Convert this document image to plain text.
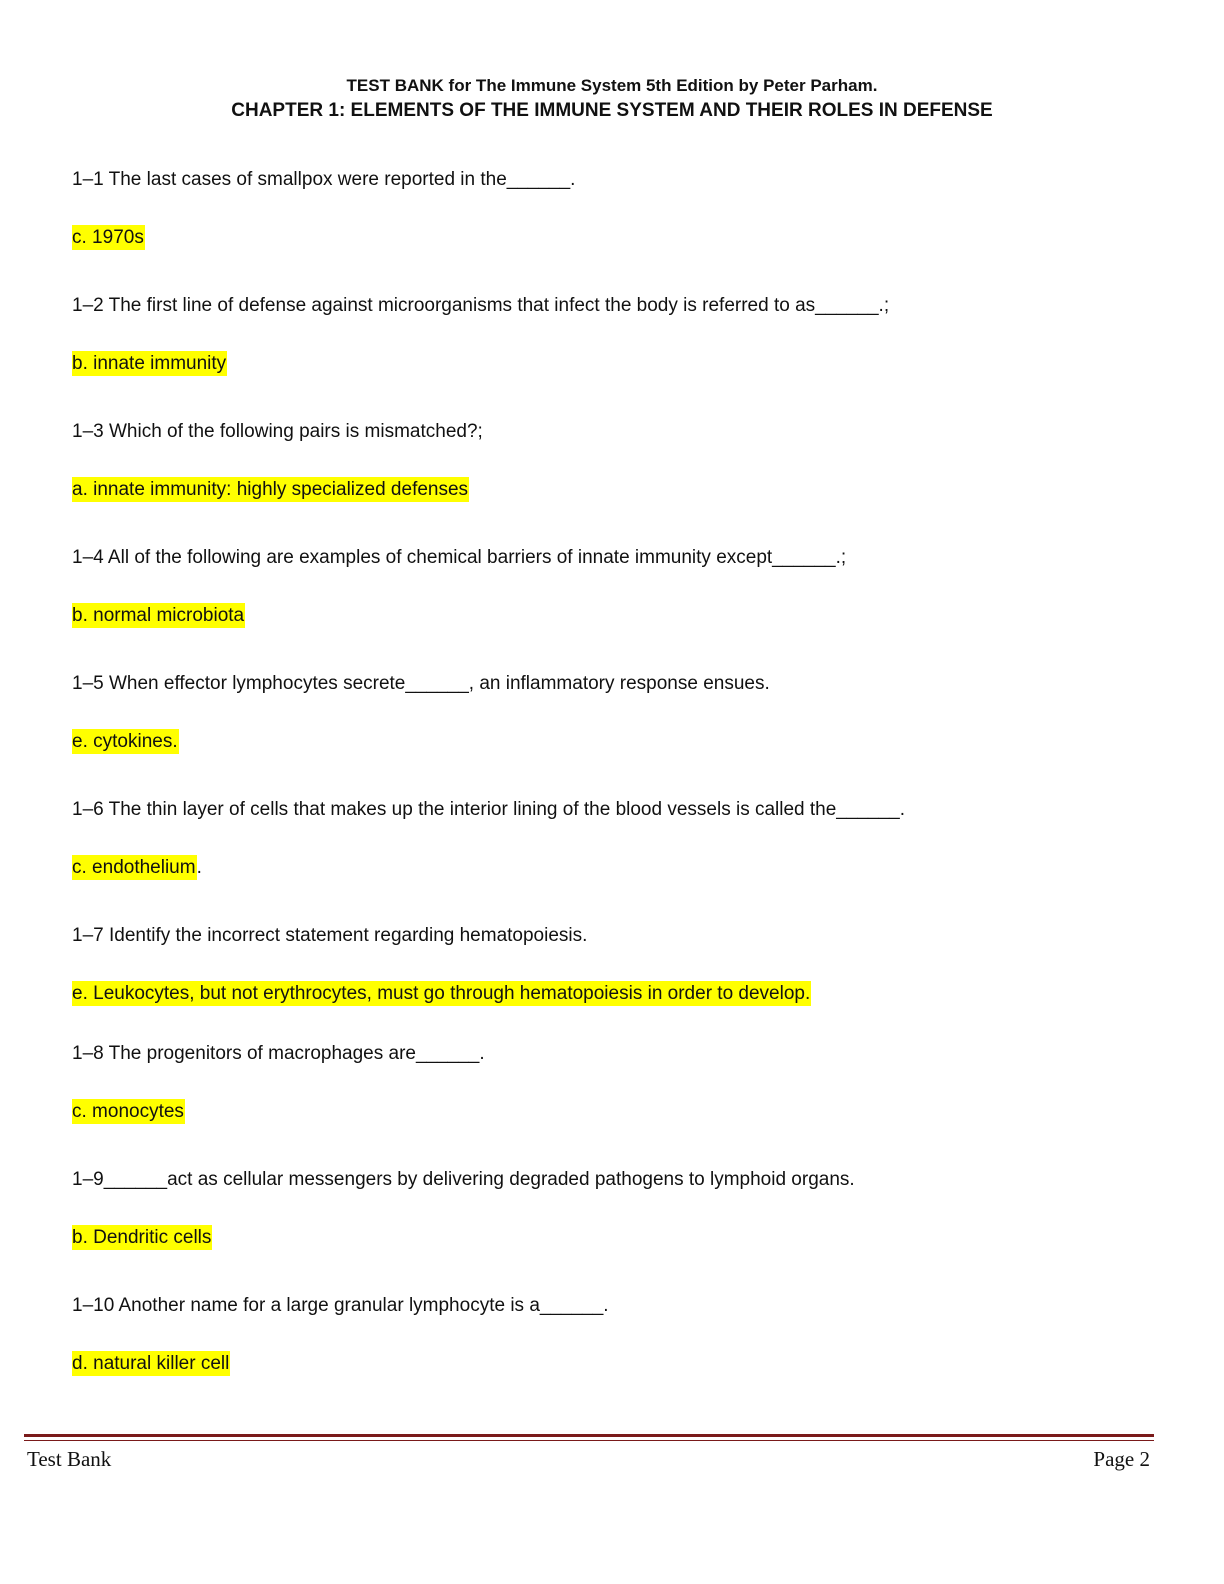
TEST BANK for The Immune System 5th Edition by Peter Parham.

CHAPTER 1: ELEMENTS OF THE IMMUNE SYSTEM AND THEIR ROLES IN DEFENSE

1–1 The last cases of smallpox were reported in the______.

c. 1970s

1–2 The first line of defense against microorganisms that infect the body is referred to as______.;

b. innate immunity

1–3 Which of the following pairs is mismatched?;

a. innate immunity: highly specialized defenses

1–4 All of the following are examples of chemical barriers of innate immunity except______.;

b. normal microbiota

1–5 When effector lymphocytes secrete______, an inflammatory response ensues.

e. cytokines.

1–6 The thin layer of cells that makes up the interior lining of the blood vessels is called the______.

c. endothelium.

1–7 Identify the incorrect statement regarding hematopoiesis.

e. Leukocytes, but not erythrocytes, must go through hematopoiesis in order to develop.

1–8 The progenitors of macrophages are______.

c. monocytes

1–9______act as cellular messengers by delivering degraded pathogens to lymphoid organs.

b. Dendritic cells

1–10 Another name for a large granular lymphocyte is a______.

d. natural killer cell
Test Bank	Page 2
